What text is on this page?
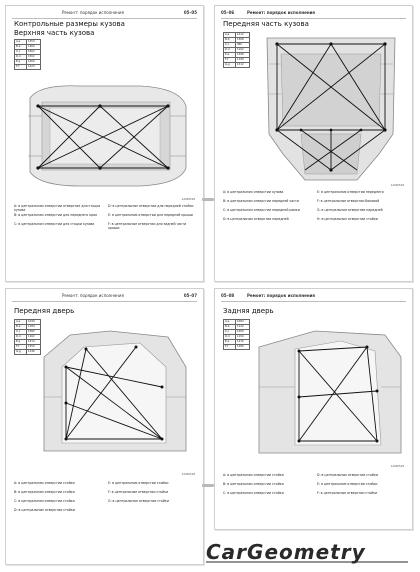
Ремонт: порядок исполнения	05–05
Контрольные размеры кузова
Верхняя часть кузова
A-a	1354
B-b	1460
C-c	1602
D-d	1502
E-e	1460
F-f	1424
1A046528
А: в центральном отверстии отверстие для стоцки кузова
В: в центральном отверстии для переднего края
С: в центральном отверстии для стоцки кузова
D: в центральном отверстии для передней стойки
Е: в центральном отверстии для передней крыши
F: в центральном отверстии для задней части крыши
05–06	Ремонт: порядок исполнения
Передняя часть кузова
A-a	1212
B-b	1368
C-c	966
D-d	1102
E-e	1496
F-f	1190
G-g	1312
1A046528
А: в центральном отверстии кузова
В: в центральном отверстии передней части
С: в центральном отверстии передней рамки
D: в центральном отверстии передней
Е: в центральном отверстии переднего
F: в центральном отверстии боковой
G: в центральном отверстии передней
Н: в центральном отверстии стойки
Ремонт: порядок исполнения	05–07
Передняя дверь
A-a	1040
B-b	1184
C-c	1082
D-d	1162
E-e	1314
F-f	1250
G-g	1146
1A046528
А: в центральном отверстии стойки
В: в центральном отверстии стойки
С: в центральном отверстии стойки
D: в центральном отверстии стойки
Е: в центральном отверстии стойки
F: в центральном отверстии стойки
G: в центральном отверстии стойки
05–08	Ремонт: порядок исполнения
Задняя дверь
A-a	1084
B-b	1142
C-c	1000
D-d	1194
E-e	1276
F-f	1280
1A046528
А: в центральном отверстии стойки
В: в центральном отверстии стойки
С: в центральном отверстии стойки
D: в центральном отверстии стойки
Е: в центральном отверстии стойки
F: в центральном отверстии стойки
CarGeometry
